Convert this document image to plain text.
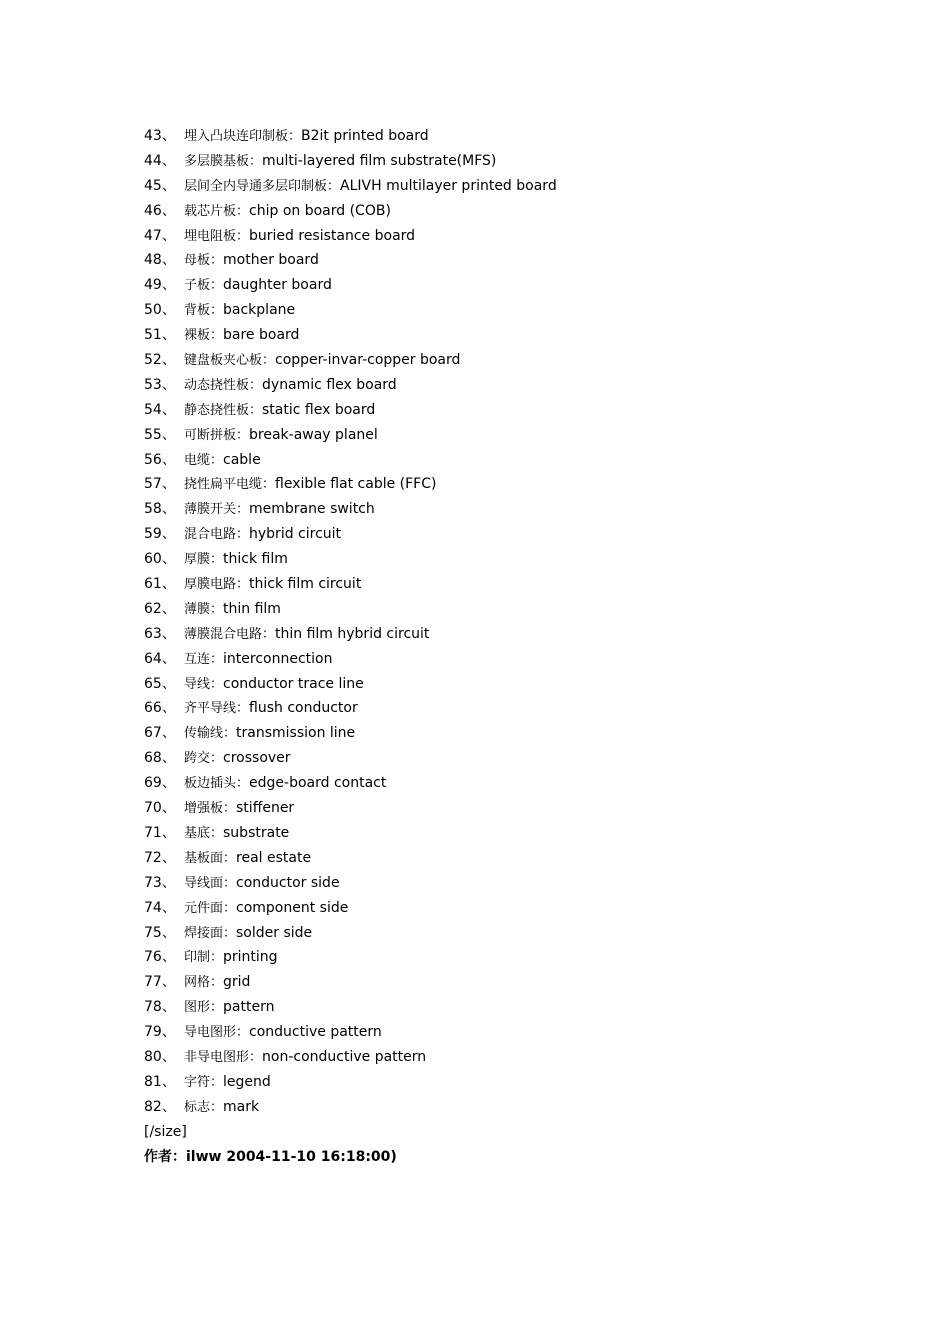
43、 埋入凸块连印制板：B2it printed board
44、 多层膜基板：multi-layered film substrate(MFS)
45、 层间全内导通多层印制板：ALIVH multilayer printed board
46、 载芯片板：chip on board (COB)
47、 埋电阻板：buried resistance board
48、 母板：mother board
49、 子板：daughter board
50、 背板：backplane
51、 裸板：bare board
52、 键盘板夹心板：copper-invar-copper board
53、 动态挠性板：dynamic flex board
54、 静态挠性板：static flex board
55、 可断拼板：break-away planel
56、 电缆：cable
57、 挠性扁平电缆：flexible flat cable (FFC)
58、 薄膜开关：membrane switch
59、 混合电路：hybrid circuit
60、 厚膜：thick film
61、 厚膜电路：thick film circuit
62、 薄膜：thin film
63、 薄膜混合电路：thin film hybrid circuit
64、 互连：interconnection
65、 导线：conductor trace line
66、 齐平导线：flush conductor
67、 传输线：transmission line
68、 跨交：crossover
69、 板边插头：edge-board contact
70、 增强板：stiffener
71、 基底：substrate
72、 基板面：real estate
73、 导线面：conductor side
74、 元件面：component side
75、 焊接面：solder side
76、 印制：printing
77、 网格：grid
78、 图形：pattern
79、 导电图形：conductive pattern
80、 非导电图形：non-conductive pattern
81、 字符：legend
82、 标志：mark
[/size]
作者：ilww 2004-11-10 16:18:00)
